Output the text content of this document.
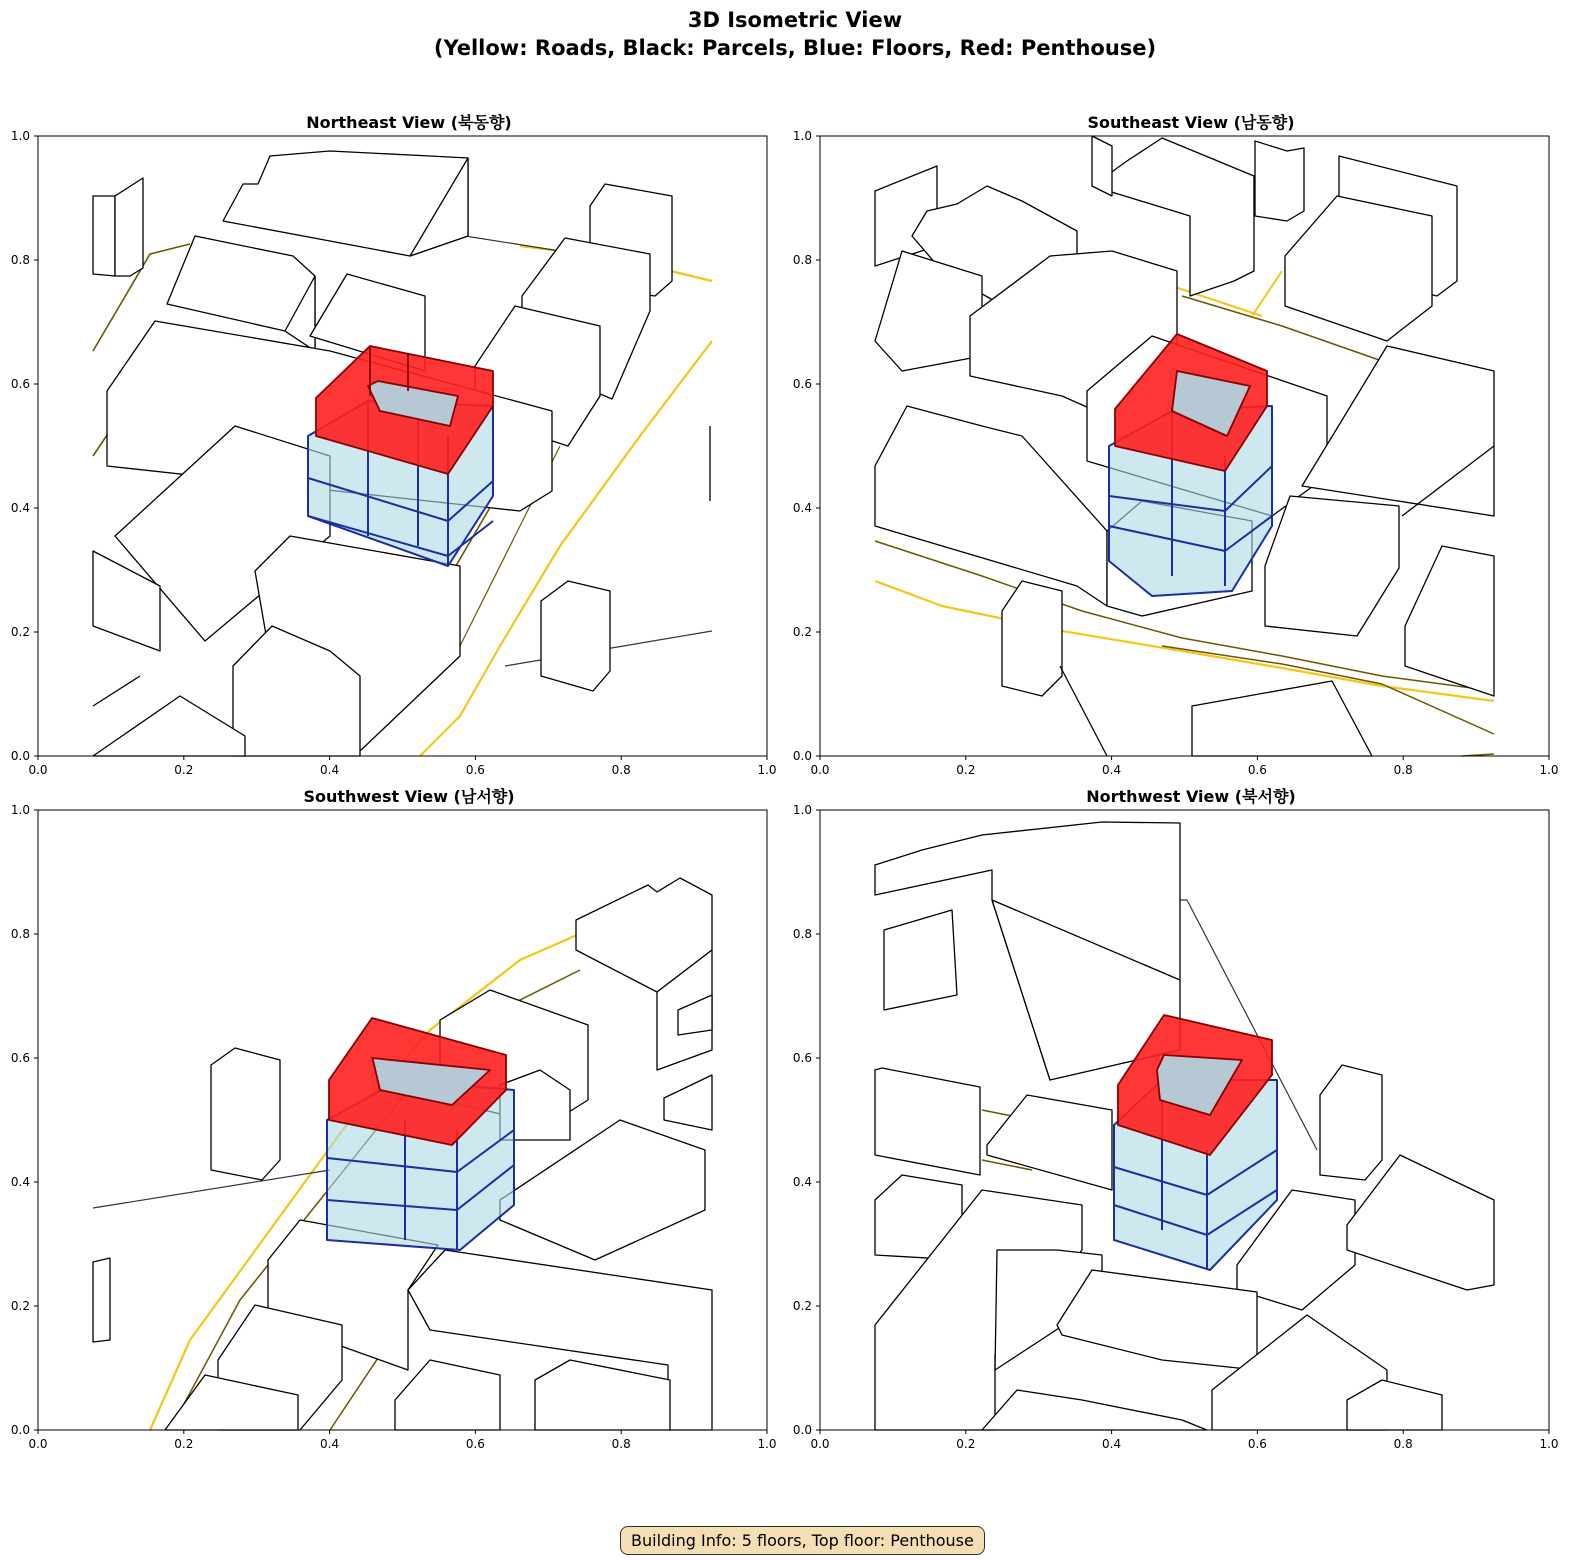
3D Isometric View
(Yellow: Roads, Black: Parcels, Blue: Floors, Red: Penthouse)
Northeast View (북동향)
0.0	0.2	0.4	0.6	0.8	1.0
0.0
0.2
0.4
0.6
0.8
1.0
Southeast View (남동향)
0.0	0.2	0.4	0.6	0.8	1.0
0.0
0.2
0.4
0.6
0.8
1.0
Southwest View (남서향)
0.0	0.2	0.4	0.6	0.8	1.0
0.0
0.2
0.4
0.6
0.8
1.0
Northwest View (북서향)
0.0	0.2	0.4	0.6	0.8	1.0
0.0
0.2
0.4
0.6
0.8
1.0
Building Info: 5 floors, Top floor: Penthouse
